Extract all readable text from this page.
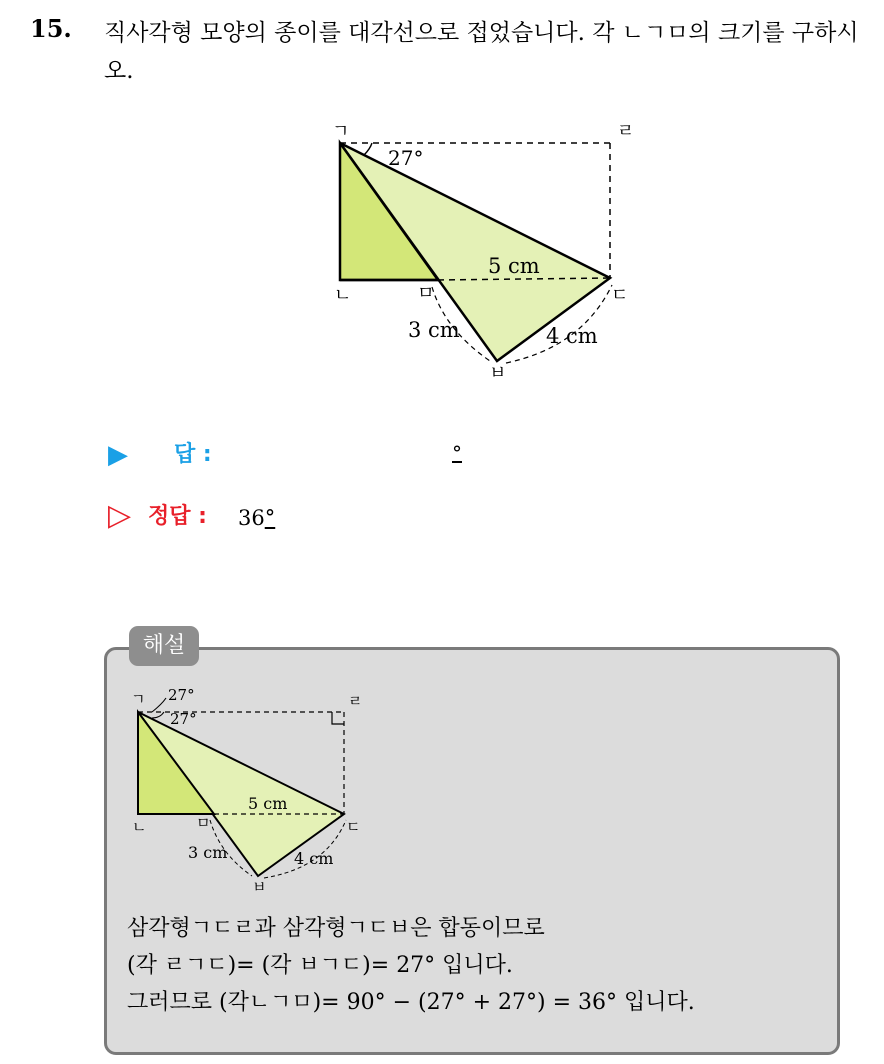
15. 직사각형 모양의 종이를 대각선으로 접었습니다. 각 ㄴㄱㅁ의 크기를 구하시오.
ㄱ	ㄹ
ㄴ	ㅁ	ㄷ
ㅂ
27°
5 cm
3 cm	4 cm
▶ 답 :	°
▷ 정답 : 36°
해설
ㄱ	ㄹ
ㄴ	ㅁ	ㄷ
ㅂ
27°
27°
5 cm
3 cm	4 cm
삼각형ㄱㄷㄹ과 삼각형ㄱㄷㅂ은 합동이므로
(각 ㄹㄱㄷ)= (각 ㅂㄱㄷ)= 27° 입니다.
그러므로 (각ㄴㄱㅁ)= 90° − (27° + 27°) = 36° 입니다.
